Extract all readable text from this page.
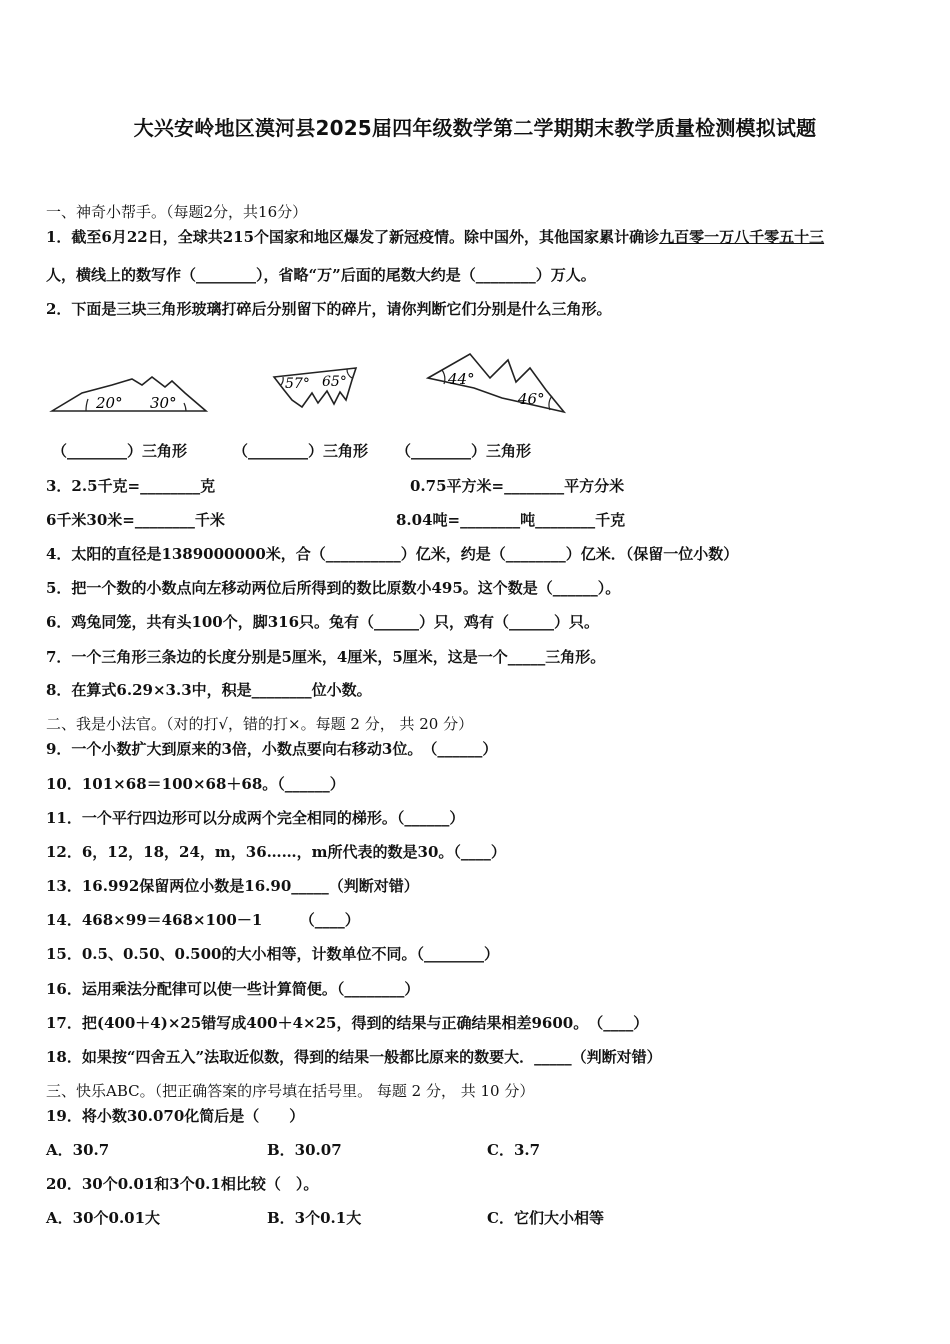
大兴安岭地区漠河县2025届四年级数学第二学期期末教学质量检测模拟试题
一、神奇小帮手。（每题2分，共16分）
1．截至6月22日，全球共215个国家和地区爆发了新冠疫情。除中国外，其他国家累计确诊九百零一万八千零五十三
人，横线上的数写作（________），省略“万”后面的尾数大约是（________）万人。
2．下面是三块三角形玻璃打碎后分别留下的碎片，请你判断它们分别是什么三角形。
20° 30°
57° 65°	44°
46°
（________）三角形	（________）三角形 （________）三角形
3．2.5千克=________克	0.75平方米=________平方分米
6千米30米=________千米	8.04吨=________吨________千克
4．太阳的直径是1389000000米，合（__________）亿米，约是（________）亿米．（保留一位小数）
5．把一个数的小数点向左移动两位后所得到的数比原数小495。这个数是（______）。
6．鸡兔同笼，共有头100个，脚316只。兔有（______）只，鸡有（______）只。
7．一个三角形三条边的长度分别是5厘米，4厘米，5厘米，这是一个_____三角形。
8．在算式6.29×3.3中，积是________位小数。
二、我是小法官。（对的打√，错的打×。每题 2 分， 共 20 分）
9．一个小数扩大到原来的3倍，小数点要向右移动3位。　（______）
10．101×68＝100×68＋68。（______）
11．一个平行四边形可以分成两个完全相同的梯形。（______）
12．6，12，18，24，m，36……，m所代表的数是30。（____）
13．16.992保留两位小数是16.90_____（判断对错）
14．468×99＝468×100－1　　　（____）
15．0.5、0.50、0.500的大小相等，计数单位不同。（________）
16．运用乘法分配律可以使一些计算简便。（________）
17．把(400＋4)×25错写成400＋4×25，得到的结果与正确结果相差9600。　（____）
18．如果按“四舍五入”法取近似数，得到的结果一般都比原来的数要大．_____（判断对错）
三、快乐ABC。（把正确答案的序号填在括号里。 每题 2 分， 共 10 分）
19．将小数30.070化简后是（　　）
A．30.7	B．30.07	C．3.7
20．30个0.01和3个0.1相比较（　）。
A．30个0.01大	B．3个0.1大	C．它们大小相等
